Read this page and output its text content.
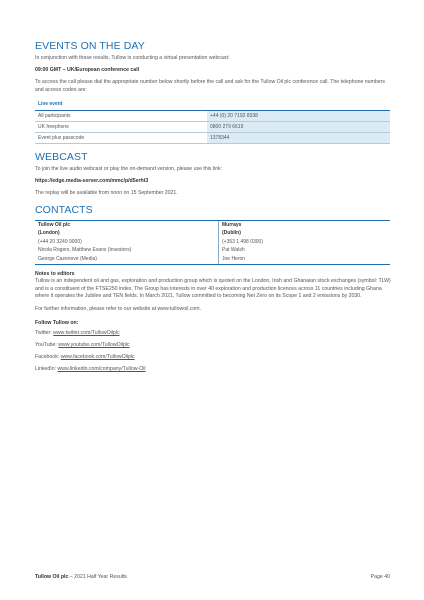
EVENTS ON THE DAY

In conjunction with these results, Tullow is conducting a virtual presentation webcast:

09:00 GMT – UK/European conference call

To access the call please dial the appropriate number below shortly before the call and ask for the Tullow Oil plc conference call. The telephone numbers and access codes are:

Live event	
All participants	+44 (0) 20 7192 8338
UK freephone	0800 279 6619
Event plus passcode	1378344
WEBCAST

To join the live audio webcast or play the on-demand version, please use this link:

https://edge.media-server.com/mmc/p/d5erht3

The replay will be available from noon on 15 September 2021.

CONTACTS
Tullow Oil plc	Murrays
(London)	(Dublin)
(+44 20 3249 9000)	(+353 1 498 0300)
Nicola Rogers, Matthew Evans (Investors)	Pat Walsh
George Cazenove (Media)	Joe Heron

Notes to editors

Tullow is an independent oil and gas, exploration and production group which is quoted on the London, Irish and Ghanaian stock exchanges (symbol: TLW) and is a constituent of the FTSE250 index. The Group has interests in over 40 exploration and production licences across 11 countries including Ghana where it operates the Jubilee and TEN fields. In March 2021, Tullow committed to becoming Net Zero on its Scope 1 and 2 emissions by 2030.

For further information, please refer to our website at www.tullowoil.com.

Follow Tullow on:

Twitter: www.twitter.com/TullowOilplc

YouTube: www.youtube.com/TullowOilplc

Facebook: www.facebook.com/TullowOilplc

LinkedIn: www.linkedin.com/company/Tullow-Oil

Tullow Oil plc – 2021 Half Year Results	Page 40
